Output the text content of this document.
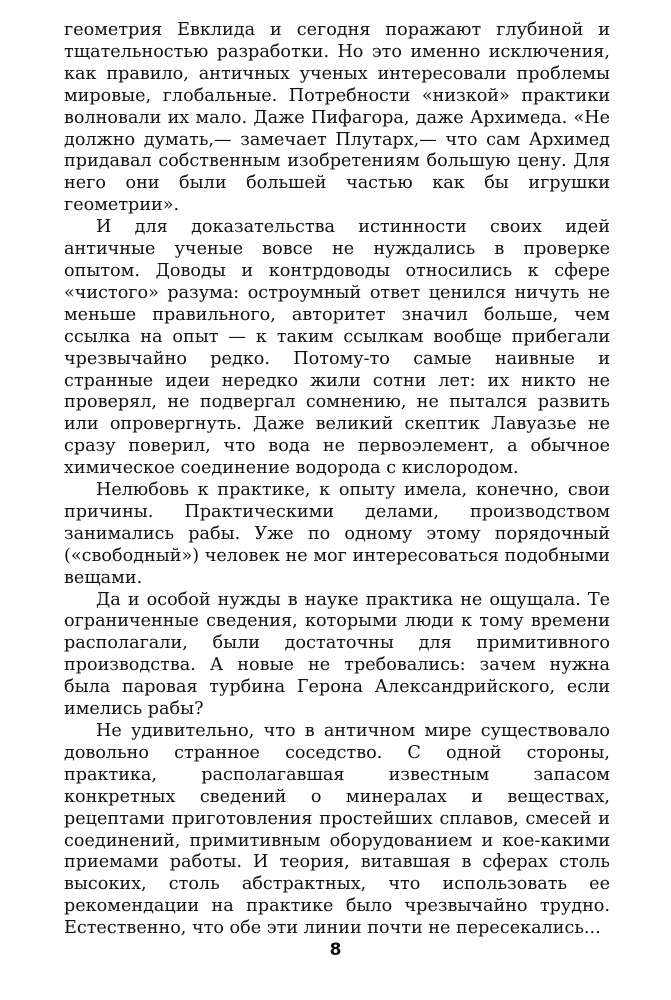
геометрия Евклида и сегодня поражают глубиной и тщательностью разработки. Но это именно исключения, как правило, античных ученых интересовали проблемы мировые, глобальные. Потребности «низкой» практики волновали их мало. Даже Пифагора, даже Архимеда. «Не должно думать,— замечает Плутарх,— что сам Архимед придавал собственным изобретениям большую цену. Для него они были большей частью как бы игрушки геометрии».

И для доказательства истинности своих идей античные ученые вовсе не нуждались в проверке опытом. Доводы и контрдоводы относились к сфере «чистого» разума: остроумный ответ ценился ничуть не меньше правильного, авторитет значил больше, чем ссылка на опыт — к таким ссылкам вообще прибегали чрезвычайно редко. Потому-то самые наивные и странные идеи нередко жили сотни лет: их никто не проверял, не подвергал сомнению, не пытался развить или опровергнуть. Даже великий скептик Лавуазье не сразу поверил, что вода не первоэлемент, а обычное химическое соединение водорода с кислородом.

Нелюбовь к практике, к опыту имела, конечно, свои причины. Практическими делами, производством занимались рабы. Уже по одному этому порядочный («свободный») человек не мог интересоваться подобными вещами.

Да и особой нужды в науке практика не ощущала. Те ограниченные сведения, которыми люди к тому времени располагали, были достаточны для примитивного производства. А новые не требовались: зачем нужна была паровая турбина Герона Александрийского, если имелись рабы?

Не удивительно, что в античном мире существовало довольно странное соседство. С одной стороны, практика, располагавшая известным запасом конкретных сведений о минералах и веществах, рецептами приготовления простейших сплавов, смесей и соединений, примитивным оборудованием и кое-какими приемами работы. И теория, витавшая в сферах столь высоких, столь абстрактных, что использовать ее рекомендации на практике было чрезвычайно трудно. Естественно, что обе эти линии почти не пересекались...

8
